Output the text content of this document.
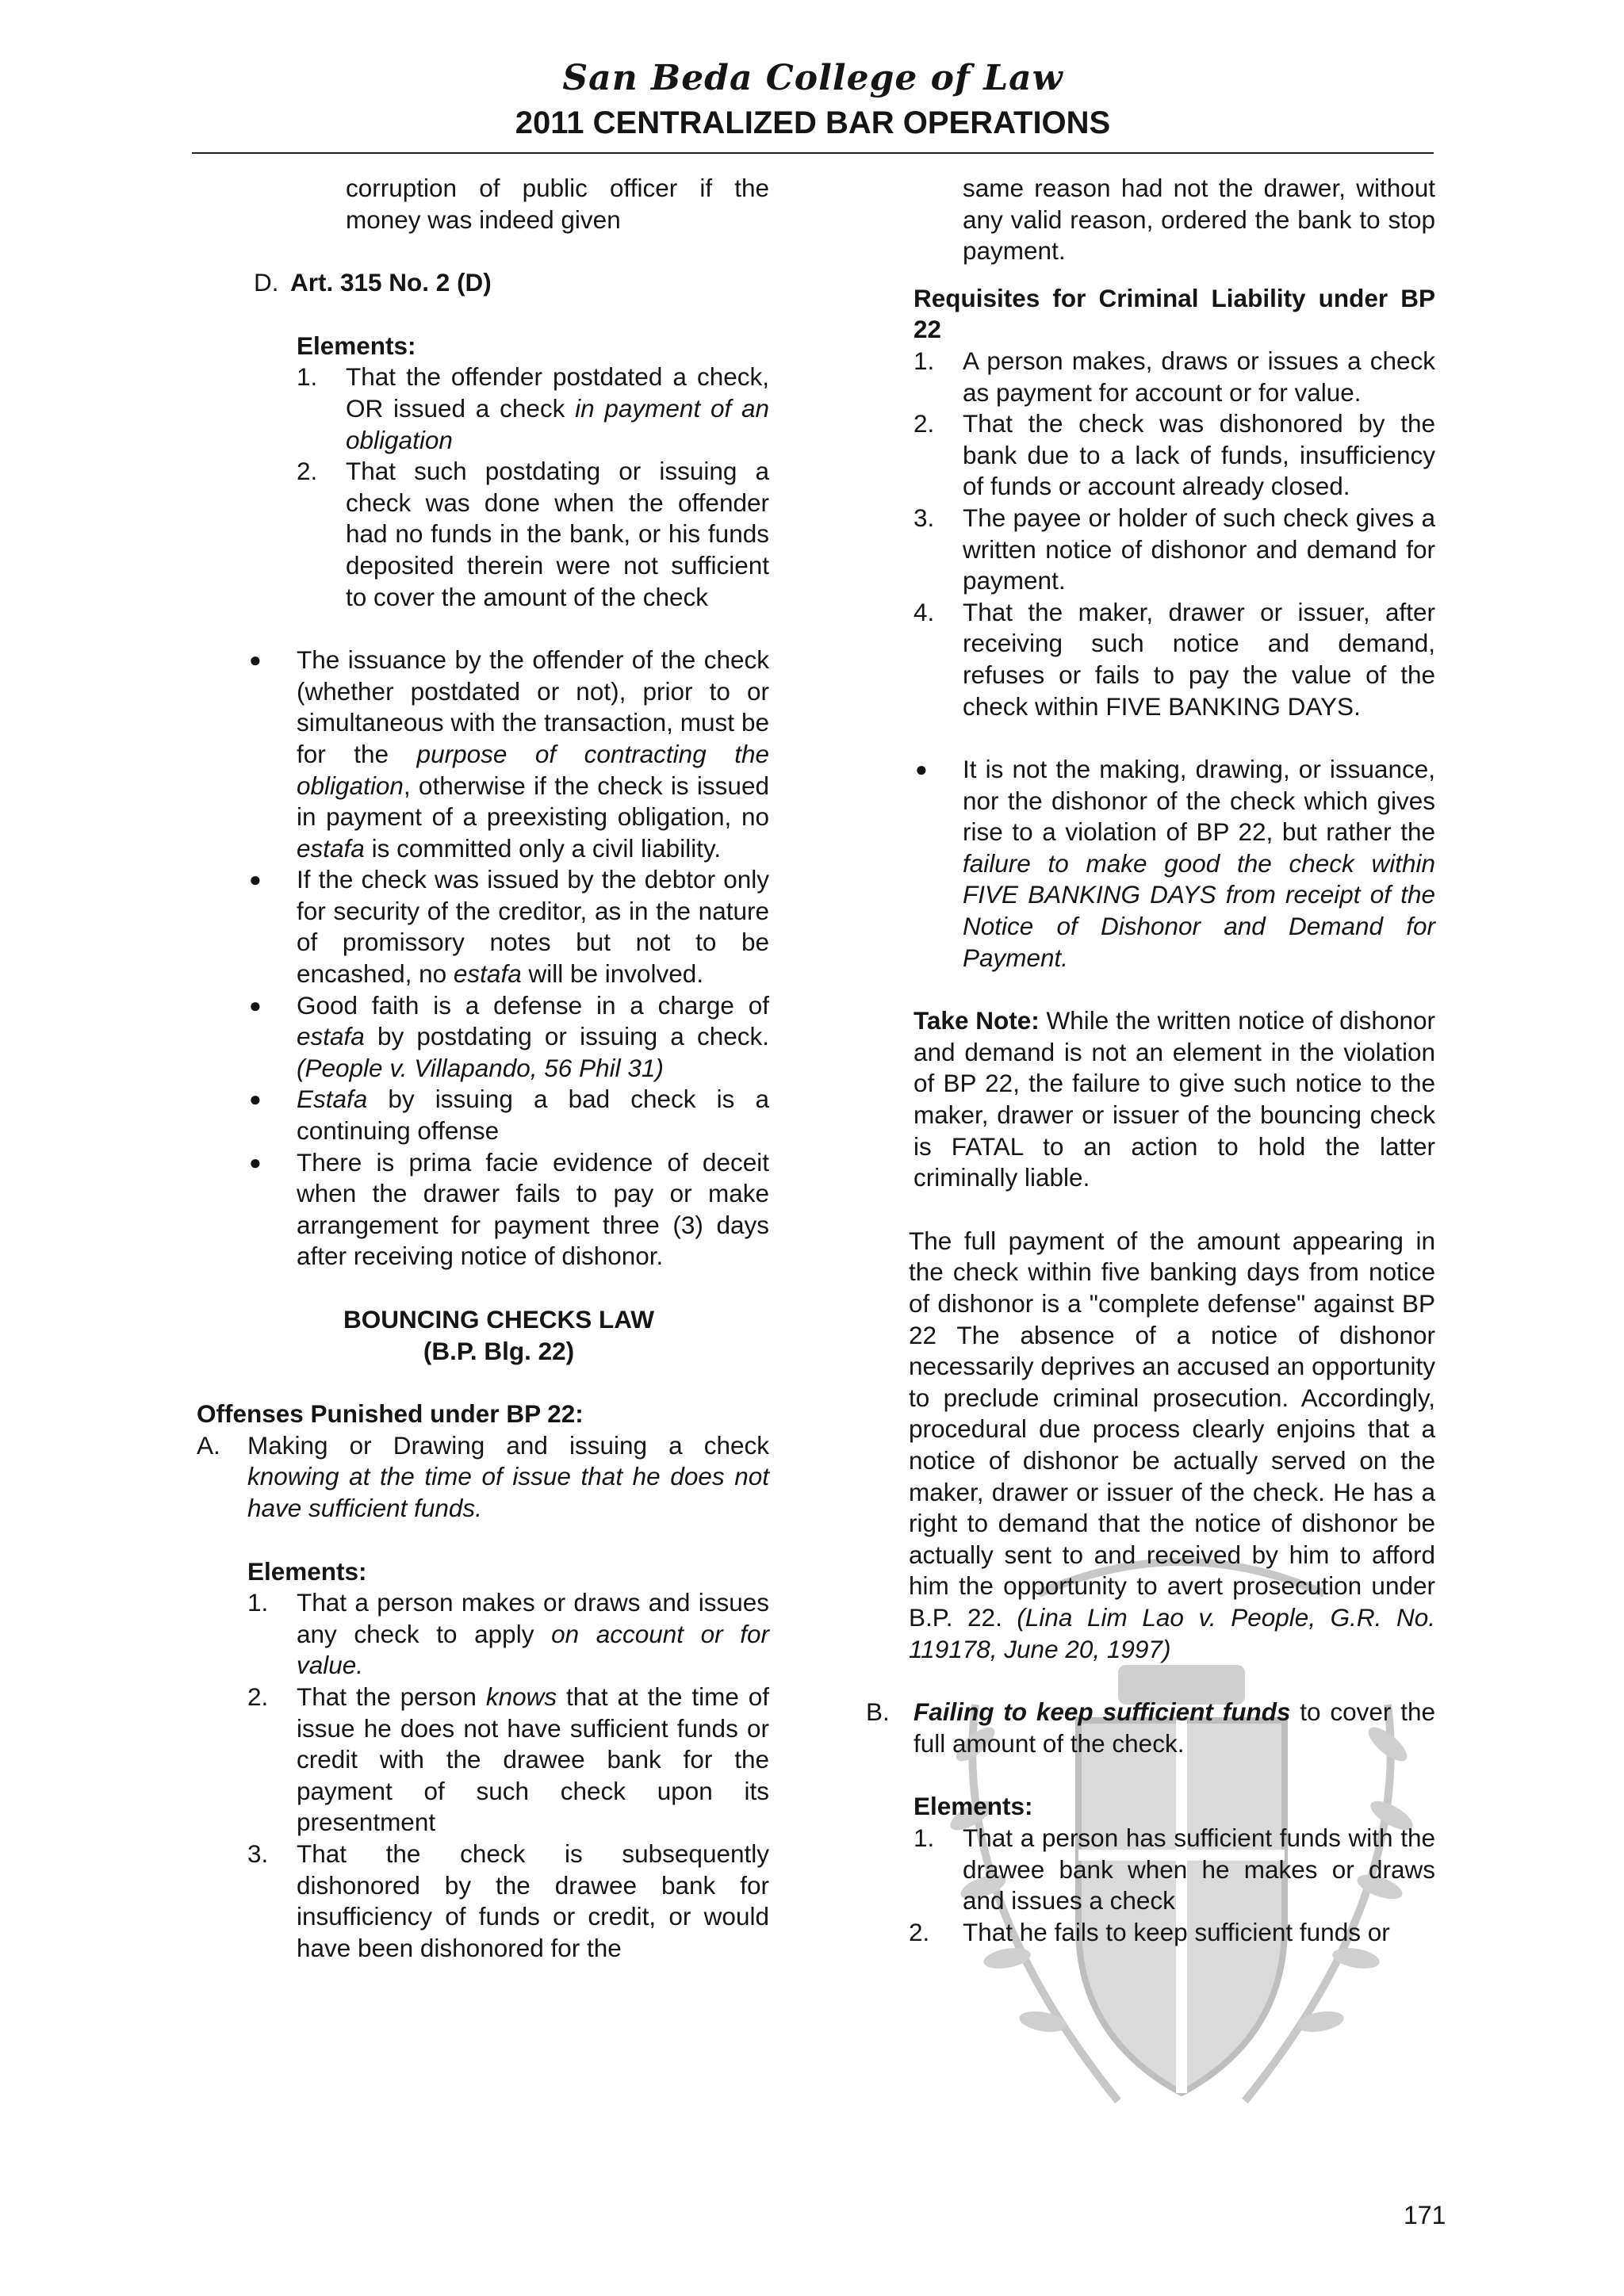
San Beda College of Law
2011 CENTRALIZED BAR OPERATIONS

corruption of public officer if the money was indeed given

D. Art. 315 No. 2 (D)

Elements:

1. That the offender postdated a check, OR issued a check in payment of an obligation
2. That such postdating or issuing a check was done when the offender had no funds in the bank, or his funds deposited therein were not sufficient to cover the amount of the check
● The issuance by the offender of the check (whether postdated or not), prior to or simultaneous with the transaction, must be for the purpose of contracting the obligation, otherwise if the check is issued in payment of a preexisting obligation, no estafa is committed only a civil liability.
● If the check was issued by the debtor only for security of the creditor, as in the nature of promissory notes but not to be encashed, no estafa will be involved.
● Good faith is a defense in a charge of estafa by postdating or issuing a check. (People v. Villapando, 56 Phil 31)
● Estafa by issuing a bad check is a continuing offense
● There is prima facie evidence of deceit when the drawer fails to pay or make arrangement for payment three (3) days after receiving notice of dishonor.

BOUNCING CHECKS LAW

(B.P. Blg. 22)

Offenses Punished under BP 22:

A. Making or Drawing and issuing a check knowing at the time of issue that he does not have sufficient funds.

Elements:

1. That a person makes or draws and issues any check to apply on account or for value.
2. That the person knows that at the time of issue he does not have sufficient funds or credit with the drawee bank for the payment of such check upon its presentment
3. That the check is subsequently dishonored by the drawee bank for insufficiency of funds or credit, or would have been dishonored for the

same reason had not the drawer, without any valid reason, ordered the bank to stop payment.

Requisites for Criminal Liability under BP 22

1. A person makes, draws or issues a check as payment for account or for value.
2. That the check was dishonored by the bank due to a lack of funds, insufficiency of funds or account already closed.
3. The payee or holder of such check gives a written notice of dishonor and demand for payment.
4. That the maker, drawer or issuer, after receiving such notice and demand, refuses or fails to pay the value of the check within FIVE BANKING DAYS.
● It is not the making, drawing, or issuance, nor the dishonor of the check which gives rise to a violation of BP 22, but rather the failure to make good the check within FIVE BANKING DAYS from receipt of the Notice of Dishonor and Demand for Payment.

Take Note: While the written notice of dishonor and demand is not an element in the violation of BP 22, the failure to give such notice to the maker, drawer or issuer of the bouncing check is FATAL to an action to hold the latter criminally liable.

The full payment of the amount appearing in the check within five banking days from notice of dishonor is a "complete defense" against BP 22 The absence of a notice of dishonor necessarily deprives an accused an opportunity to preclude criminal prosecution. Accordingly, procedural due process clearly enjoins that a notice of dishonor be actually served on the maker, drawer or issuer of the check. He has a right to demand that the notice of dishonor be actually sent to and received by him to afford him the opportunity to avert prosecution under B.P. 22. (Lina Lim Lao v. People, G.R. No. 119178, June 20, 1997)

B. Failing to keep sufficient funds to cover the full amount of the check.

Elements:

1. That a person has sufficient funds with the drawee bank when he makes or draws and issues a check
2. That he fails to keep sufficient funds or
171
